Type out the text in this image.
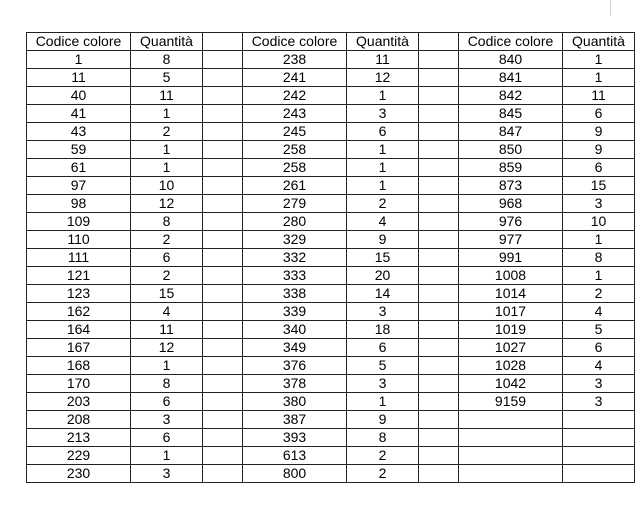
Codice colore	Quantità		Codice colore	Quantità		Codice colore	Quantità
1	8		238	11		840	1
11	5		241	12		841	1
40	11		242	1		842	11
41	1		243	3		845	6
43	2		245	6		847	9
59	1		258	1		850	9
61	1		258	1		859	6
97	10		261	1		873	15
98	12		279	2		968	3
109	8		280	4		976	10
110	2		329	9		977	1
111	6		332	15		991	8
121	2		333	20		1008	1
123	15		338	14		1014	2
162	4		339	3		1017	4
164	11		340	18		1019	5
167	12		349	6		1027	6
168	1		376	5		1028	4
170	8		378	3		1042	3
203	6		380	1		9159	3
208	3		387	9			
213	6		393	8			
229	1		613	2			
230	3		800	2			
